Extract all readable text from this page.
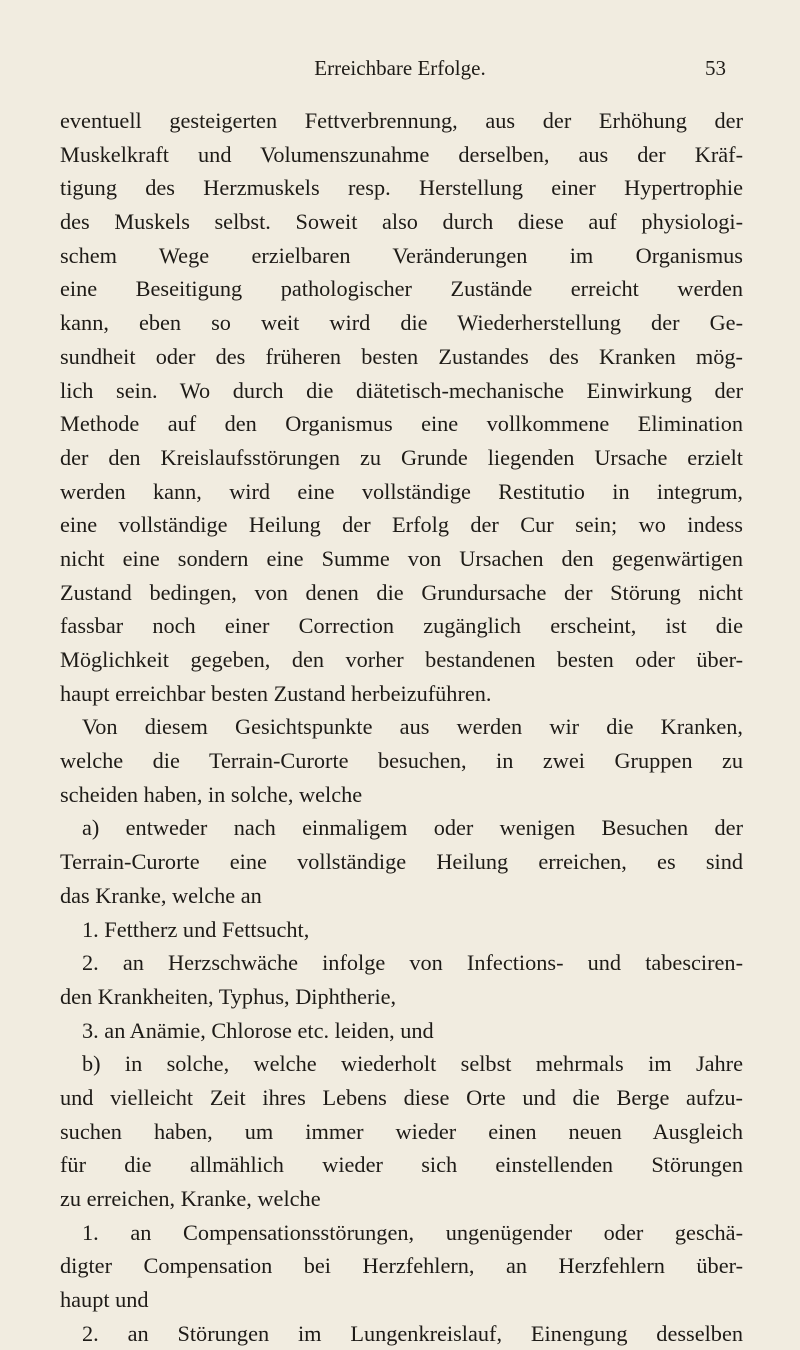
Erreichbare Erfolge.	53
eventuell gesteigerten Fettverbrennung, aus der Erhöhung der
Muskelkraft und Volumenszunahme derselben, aus der Kräf-
tigung des Herzmuskels resp. Herstellung einer Hypertrophie
des Muskels selbst. Soweit also durch diese auf physiologi-
schem Wege erzielbaren Veränderungen im Organismus
eine Beseitigung pathologischer Zustände erreicht werden
kann, eben so weit wird die Wiederherstellung der Ge-
sundheit oder des früheren besten Zustandes des Kranken mög-
lich sein. Wo durch die diätetisch-mechanische Einwirkung der
Methode auf den Organismus eine vollkommene Elimination
der den Kreislaufsstörungen zu Grunde liegenden Ursache erzielt
werden kann, wird eine vollständige Restitutio in integrum,
eine vollständige Heilung der Erfolg der Cur sein; wo indess
nicht eine sondern eine Summe von Ursachen den gegenwärtigen
Zustand bedingen, von denen die Grundursache der Störung nicht
fassbar noch einer Correction zugänglich erscheint, ist die
Möglichkeit gegeben, den vorher bestandenen besten oder über-
haupt erreichbar besten Zustand herbeizuführen.
Von diesem Gesichtspunkte aus werden wir die Kranken,
welche die Terrain-Curorte besuchen, in zwei Gruppen zu
scheiden haben, in solche, welche
a) entweder nach einmaligem oder wenigen Besuchen der
Terrain-Curorte eine vollständige Heilung erreichen, es sind
das Kranke, welche an
1. Fettherz und Fettsucht,
2. an Herzschwäche infolge von Infections- und tabesciren-
den Krankheiten, Typhus, Diphtherie,
3. an Anämie, Chlorose etc. leiden, und
b) in solche, welche wiederholt selbst mehrmals im Jahre
und vielleicht Zeit ihres Lebens diese Orte und die Berge aufzu-
suchen haben, um immer wieder einen neuen Ausgleich
für die allmählich wieder sich einstellenden Störungen
zu erreichen, Kranke, welche
1. an Compensationsstörungen, ungenügender oder geschä-
digter Compensation bei Herzfehlern, an Herzfehlern über-
haupt und
2. an Störungen im Lungenkreislauf, Einengung desselben
